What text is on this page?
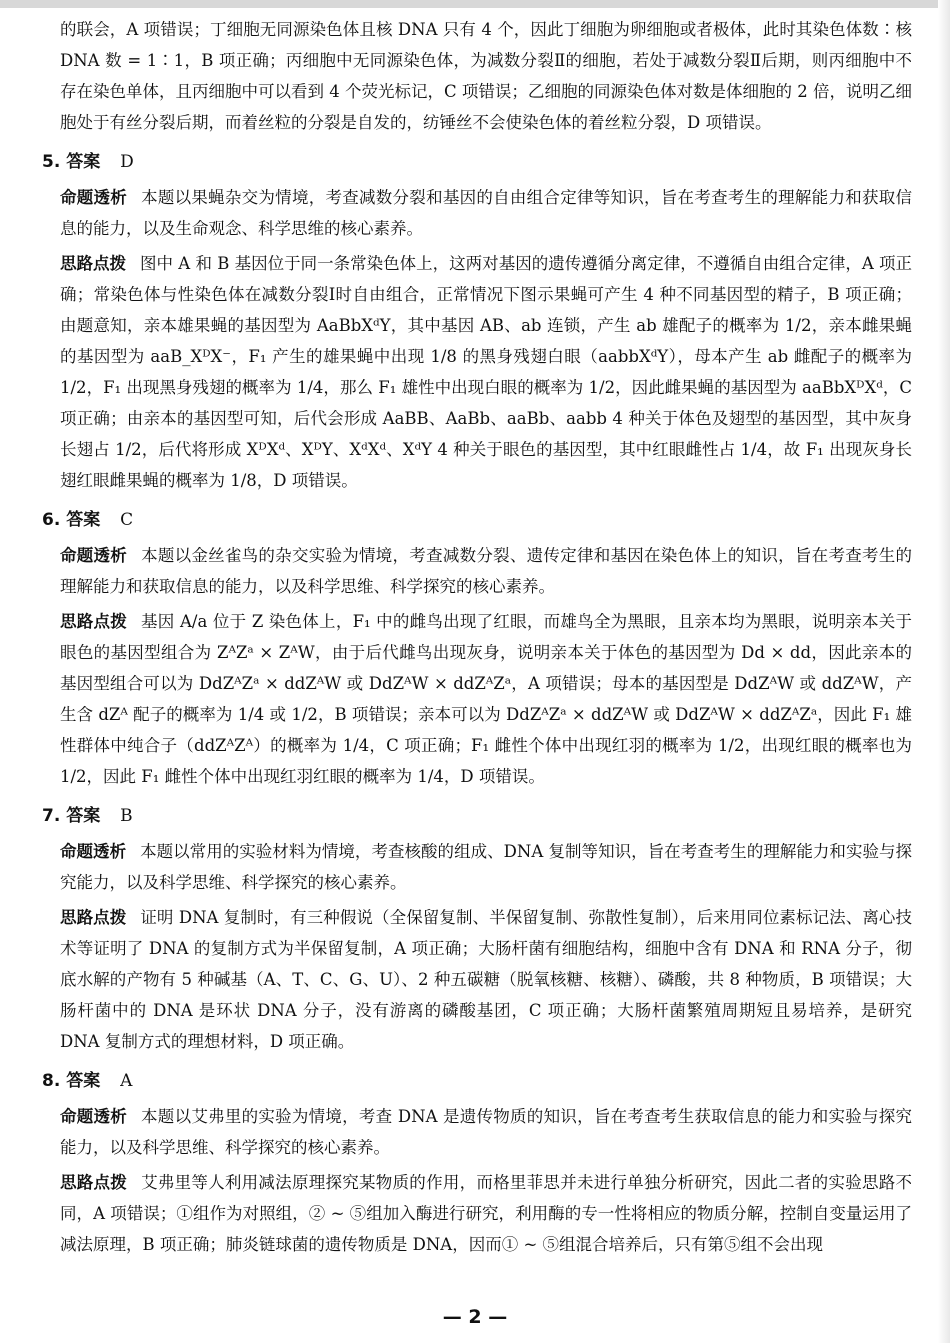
的联会，A 项错误；丁细胞无同源染色体且核 DNA 只有 4 个，因此丁细胞为卵细胞或者极体，此时其染色体数∶核 DNA 数 = 1∶1，B 项正确；丙细胞中无同源染色体，为减数分裂Ⅱ的细胞，若处于减数分裂Ⅱ后期，则丙细胞中不存在染色单体，且丙细胞中可以看到 4 个荧光标记，C 项错误；乙细胞的同源染色体对数是体细胞的 2 倍，说明乙细胞处于有丝分裂后期，而着丝粒的分裂是自发的，纺锤丝不会使染色体的着丝粒分裂，D 项错误。

5. 答案 D

命题透析 本题以果蝇杂交为情境，考查减数分裂和基因的自由组合定律等知识，旨在考查考生的理解能力和获取信息的能力，以及生命观念、科学思维的核心素养。

思路点拨 图中 A 和 B 基因位于同一条常染色体上，这两对基因的遗传遵循分离定律，不遵循自由组合定律，A 项正确；常染色体与性染色体在减数分裂Ⅰ时自由组合，正常情况下图示果蝇可产生 4 种不同基因型的精子，B 项正确；由题意知，亲本雄果蝇的基因型为 AaBbXᵈY，其中基因 AB、ab 连锁，产生 ab 雄配子的概率为 1/2，亲本雌果蝇的基因型为 aaB_XᴰX⁻，F₁ 产生的雄果蝇中出现 1/8 的黑身残翅白眼（aabbXᵈY），母本产生 ab 雌配子的概率为 1/2，F₁ 出现黑身残翅的概率为 1/4，那么 F₁ 雄性中出现白眼的概率为 1/2，因此雌果蝇的基因型为 aaBbXᴰXᵈ，C 项正确；由亲本的基因型可知，后代会形成 AaBB、AaBb、aaBb、aabb 4 种关于体色及翅型的基因型，其中灰身长翅占 1/2，后代将形成 XᴰXᵈ、XᴰY、XᵈXᵈ、XᵈY 4 种关于眼色的基因型，其中红眼雌性占 1/4，故 F₁ 出现灰身长翅红眼雌果蝇的概率为 1/8，D 项错误。

6. 答案 C

命题透析 本题以金丝雀鸟的杂交实验为情境，考查减数分裂、遗传定律和基因在染色体上的知识，旨在考查考生的理解能力和获取信息的能力，以及科学思维、科学探究的核心素养。

思路点拨 基因 A/a 位于 Z 染色体上，F₁ 中的雌鸟出现了红眼，而雄鸟全为黑眼，且亲本均为黑眼，说明亲本关于眼色的基因型组合为 ZᴬZᵃ × ZᴬW，由于后代雌鸟出现灰身，说明亲本关于体色的基因型为 Dd × dd，因此亲本的基因型组合可以为 DdZᴬZᵃ × ddZᴬW 或 DdZᴬW × ddZᴬZᵃ，A 项错误；母本的基因型是 DdZᴬW 或 ddZᴬW，产生含 dZᴬ 配子的概率为 1/4 或 1/2，B 项错误；亲本可以为 DdZᴬZᵃ × ddZᴬW 或 DdZᴬW × ddZᴬZᵃ，因此 F₁ 雄性群体中纯合子（ddZᴬZᴬ）的概率为 1/4，C 项正确；F₁ 雌性个体中出现红羽的概率为 1/2，出现红眼的概率也为 1/2，因此 F₁ 雌性个体中出现红羽红眼的概率为 1/4，D 项错误。

7. 答案 B

命题透析 本题以常用的实验材料为情境，考查核酸的组成、DNA 复制等知识，旨在考查考生的理解能力和实验与探究能力，以及科学思维、科学探究的核心素养。

思路点拨 证明 DNA 复制时，有三种假说（全保留复制、半保留复制、弥散性复制），后来用同位素标记法、离心技术等证明了 DNA 的复制方式为半保留复制，A 项正确；大肠杆菌有细胞结构，细胞中含有 DNA 和 RNA 分子，彻底水解的产物有 5 种碱基（A、T、C、G、U）、2 种五碳糖（脱氧核糖、核糖）、磷酸，共 8 种物质，B 项错误；大肠杆菌中的 DNA 是环状 DNA 分子，没有游离的磷酸基团，C 项正确；大肠杆菌繁殖周期短且易培养，是研究 DNA 复制方式的理想材料，D 项正确。

8. 答案 A

命题透析 本题以艾弗里的实验为情境，考查 DNA 是遗传物质的知识，旨在考查考生获取信息的能力和实验与探究能力，以及科学思维、科学探究的核心素养。

思路点拨 艾弗里等人利用减法原理探究某物质的作用，而格里菲思并未进行单独分析研究，因此二者的实验思路不同，A 项错误；①组作为对照组，② ~ ⑤组加入酶进行研究，利用酶的专一性将相应的物质分解，控制自变量运用了减法原理，B 项正确；肺炎链球菌的遗传物质是 DNA，因而① ~ ⑤组混合培养后，只有第⑤组不会出现

— 2 —
